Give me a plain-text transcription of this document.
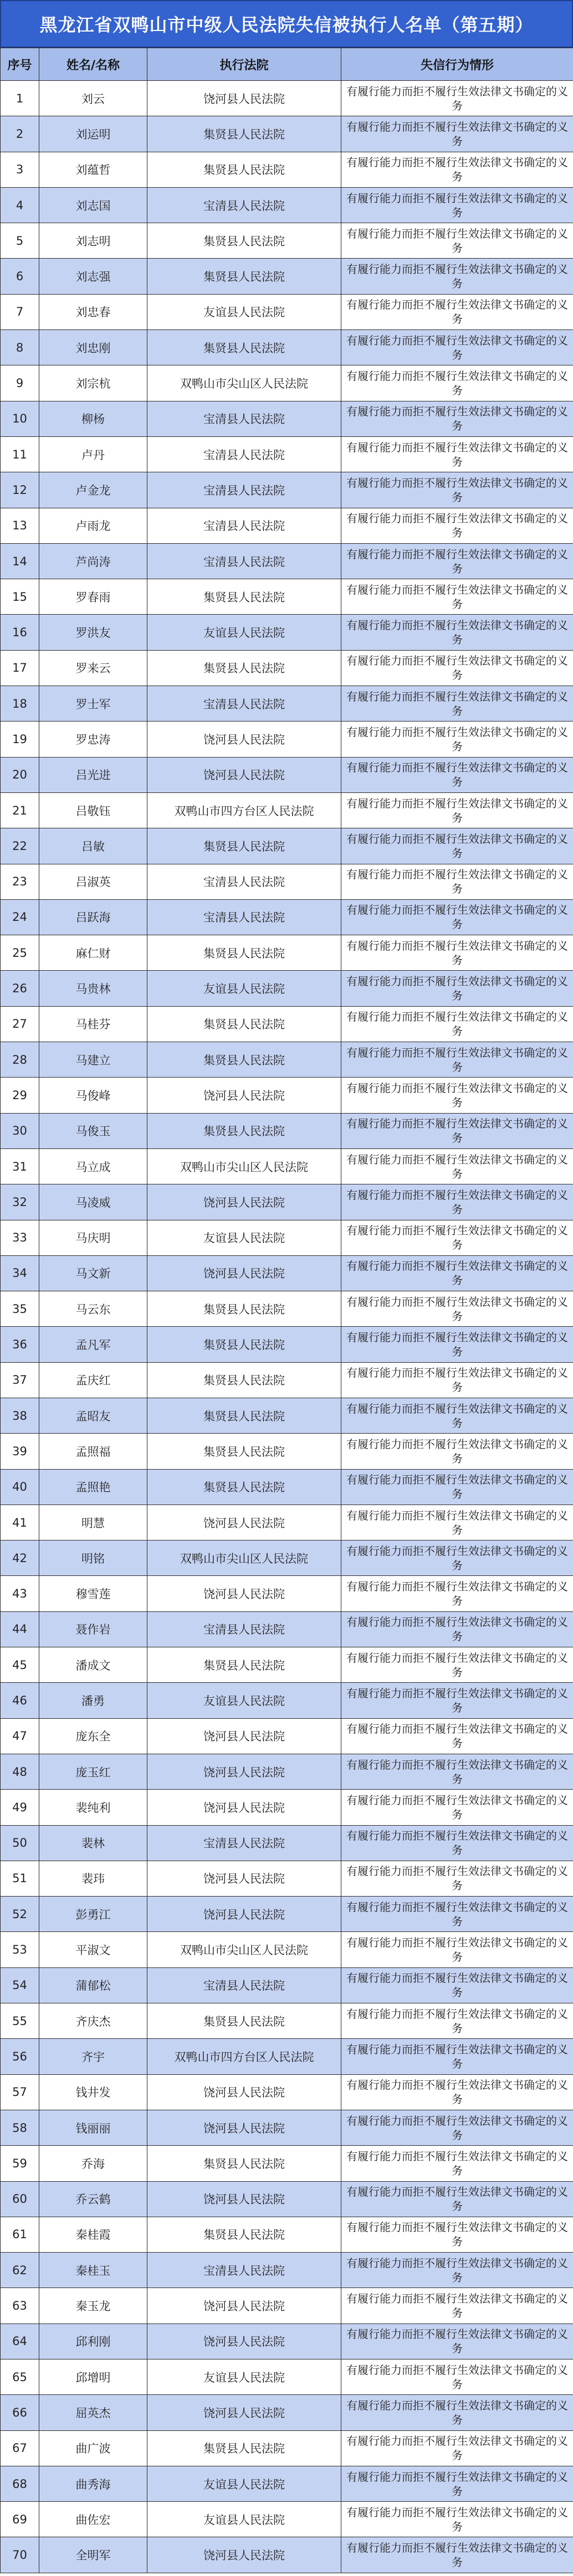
黑龙江省双鸭山市中级人民法院失信被执行人名单（第五期）
序号	姓名/名称	执行法院	失信行为情形
1	刘云	饶河县人民法院	有履行能力而拒不履行生效法律文书确定的义务
2	刘运明	集贤县人民法院	有履行能力而拒不履行生效法律文书确定的义务
3	刘蕴哲	集贤县人民法院	有履行能力而拒不履行生效法律文书确定的义务
4	刘志国	宝清县人民法院	有履行能力而拒不履行生效法律文书确定的义务
5	刘志明	集贤县人民法院	有履行能力而拒不履行生效法律文书确定的义务
6	刘志强	集贤县人民法院	有履行能力而拒不履行生效法律文书确定的义务
7	刘忠春	友谊县人民法院	有履行能力而拒不履行生效法律文书确定的义务
8	刘忠刚	集贤县人民法院	有履行能力而拒不履行生效法律文书确定的义务
9	刘宗杭	双鸭山市尖山区人民法院	有履行能力而拒不履行生效法律文书确定的义务
10	柳杨	宝清县人民法院	有履行能力而拒不履行生效法律文书确定的义务
11	卢丹	宝清县人民法院	有履行能力而拒不履行生效法律文书确定的义务
12	卢金龙	宝清县人民法院	有履行能力而拒不履行生效法律文书确定的义务
13	卢雨龙	宝清县人民法院	有履行能力而拒不履行生效法律文书确定的义务
14	芦尚涛	宝清县人民法院	有履行能力而拒不履行生效法律文书确定的义务
15	罗春雨	集贤县人民法院	有履行能力而拒不履行生效法律文书确定的义务
16	罗洪友	友谊县人民法院	有履行能力而拒不履行生效法律文书确定的义务
17	罗来云	集贤县人民法院	有履行能力而拒不履行生效法律文书确定的义务
18	罗士军	宝清县人民法院	有履行能力而拒不履行生效法律文书确定的义务
19	罗忠涛	饶河县人民法院	有履行能力而拒不履行生效法律文书确定的义务
20	吕光进	饶河县人民法院	有履行能力而拒不履行生效法律文书确定的义务
21	吕敬钰	双鸭山市四方台区人民法院	有履行能力而拒不履行生效法律文书确定的义务
22	吕敏	集贤县人民法院	有履行能力而拒不履行生效法律文书确定的义务
23	吕淑英	宝清县人民法院	有履行能力而拒不履行生效法律文书确定的义务
24	吕跃海	宝清县人民法院	有履行能力而拒不履行生效法律文书确定的义务
25	麻仁财	集贤县人民法院	有履行能力而拒不履行生效法律文书确定的义务
26	马贵林	友谊县人民法院	有履行能力而拒不履行生效法律文书确定的义务
27	马桂芬	集贤县人民法院	有履行能力而拒不履行生效法律文书确定的义务
28	马建立	集贤县人民法院	有履行能力而拒不履行生效法律文书确定的义务
29	马俊峰	饶河县人民法院	有履行能力而拒不履行生效法律文书确定的义务
30	马俊玉	集贤县人民法院	有履行能力而拒不履行生效法律文书确定的义务
31	马立成	双鸭山市尖山区人民法院	有履行能力而拒不履行生效法律文书确定的义务
32	马凌威	饶河县人民法院	有履行能力而拒不履行生效法律文书确定的义务
33	马庆明	友谊县人民法院	有履行能力而拒不履行生效法律文书确定的义务
34	马文新	饶河县人民法院	有履行能力而拒不履行生效法律文书确定的义务
35	马云东	集贤县人民法院	有履行能力而拒不履行生效法律文书确定的义务
36	孟凡军	集贤县人民法院	有履行能力而拒不履行生效法律文书确定的义务
37	孟庆红	集贤县人民法院	有履行能力而拒不履行生效法律文书确定的义务
38	孟昭友	集贤县人民法院	有履行能力而拒不履行生效法律文书确定的义务
39	孟照福	集贤县人民法院	有履行能力而拒不履行生效法律文书确定的义务
40	孟照艳	集贤县人民法院	有履行能力而拒不履行生效法律文书确定的义务
41	明慧	饶河县人民法院	有履行能力而拒不履行生效法律文书确定的义务
42	明铭	双鸭山市尖山区人民法院	有履行能力而拒不履行生效法律文书确定的义务
43	穆雪莲	饶河县人民法院	有履行能力而拒不履行生效法律文书确定的义务
44	聂作岩	宝清县人民法院	有履行能力而拒不履行生效法律文书确定的义务
45	潘成文	集贤县人民法院	有履行能力而拒不履行生效法律文书确定的义务
46	潘勇	友谊县人民法院	有履行能力而拒不履行生效法律文书确定的义务
47	庞东全	饶河县人民法院	有履行能力而拒不履行生效法律文书确定的义务
48	庞玉红	饶河县人民法院	有履行能力而拒不履行生效法律文书确定的义务
49	裴纯利	饶河县人民法院	有履行能力而拒不履行生效法律文书确定的义务
50	裴林	宝清县人民法院	有履行能力而拒不履行生效法律文书确定的义务
51	裴玮	饶河县人民法院	有履行能力而拒不履行生效法律文书确定的义务
52	彭勇江	饶河县人民法院	有履行能力而拒不履行生效法律文书确定的义务
53	平淑文	双鸭山市尖山区人民法院	有履行能力而拒不履行生效法律文书确定的义务
54	蒲郁松	宝清县人民法院	有履行能力而拒不履行生效法律文书确定的义务
55	齐庆杰	集贤县人民法院	有履行能力而拒不履行生效法律文书确定的义务
56	齐宇	双鸭山市四方台区人民法院	有履行能力而拒不履行生效法律文书确定的义务
57	钱井发	饶河县人民法院	有履行能力而拒不履行生效法律文书确定的义务
58	钱丽丽	饶河县人民法院	有履行能力而拒不履行生效法律文书确定的义务
59	乔海	集贤县人民法院	有履行能力而拒不履行生效法律文书确定的义务
60	乔云鹤	饶河县人民法院	有履行能力而拒不履行生效法律文书确定的义务
61	秦桂霞	集贤县人民法院	有履行能力而拒不履行生效法律文书确定的义务
62	秦桂玉	宝清县人民法院	有履行能力而拒不履行生效法律文书确定的义务
63	秦玉龙	饶河县人民法院	有履行能力而拒不履行生效法律文书确定的义务
64	邱利刚	饶河县人民法院	有履行能力而拒不履行生效法律文书确定的义务
65	邱增明	友谊县人民法院	有履行能力而拒不履行生效法律文书确定的义务
66	屈英杰	饶河县人民法院	有履行能力而拒不履行生效法律文书确定的义务
67	曲广波	集贤县人民法院	有履行能力而拒不履行生效法律文书确定的义务
68	曲秀海	友谊县人民法院	有履行能力而拒不履行生效法律文书确定的义务
69	曲佐宏	友谊县人民法院	有履行能力而拒不履行生效法律文书确定的义务
70	全明军	饶河县人民法院	有履行能力而拒不履行生效法律文书确定的义务
